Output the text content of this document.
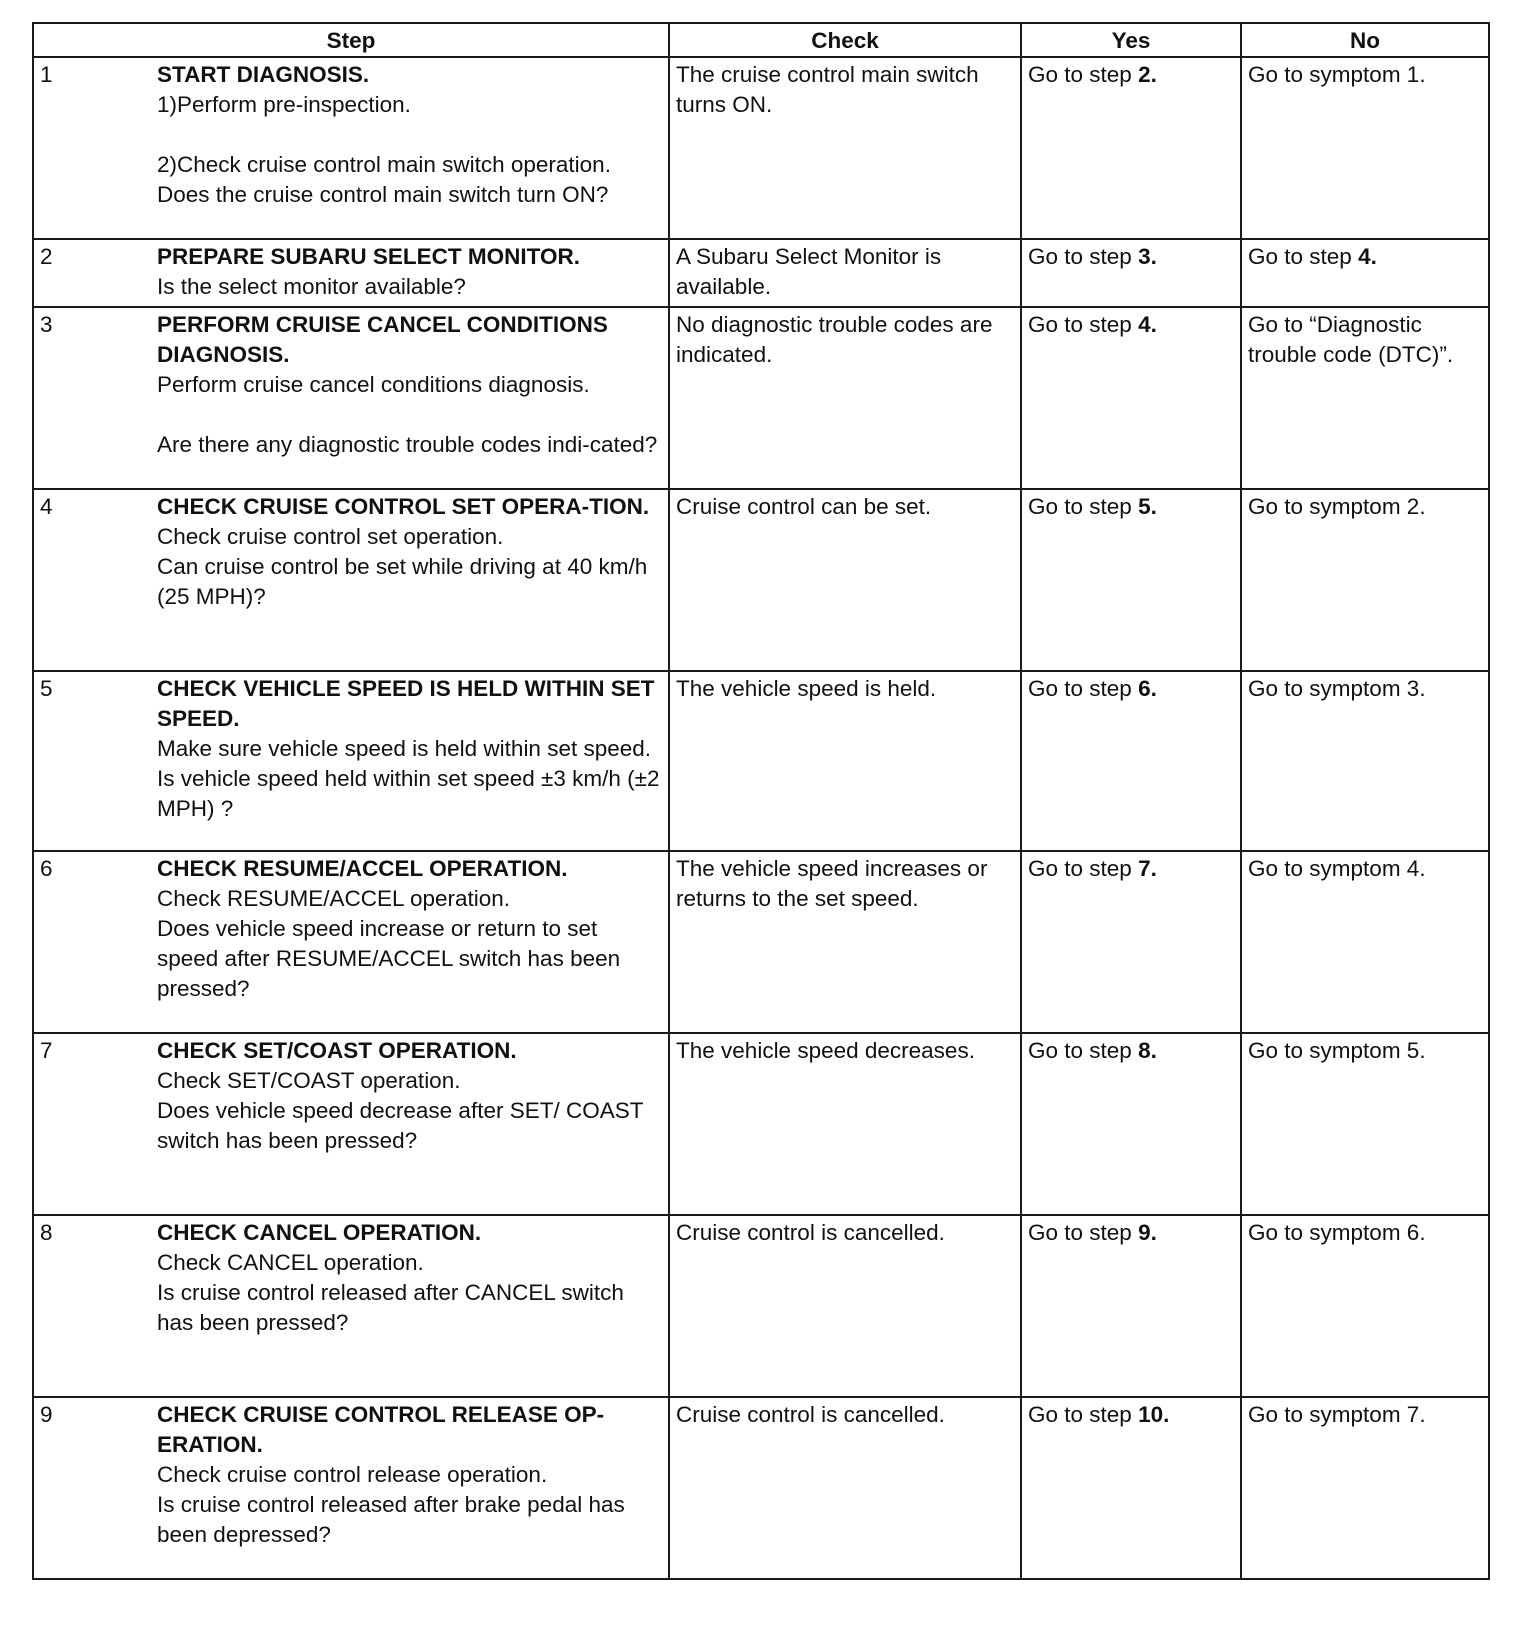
Step		Check	Yes	No
1	START DIAGNOSIS.
1)Perform pre-inspection.
2)Check cruise control main switch operation.
Does the cruise control main switch turn ON?	The cruise control main switch turns ON.	Go to step 2.	Go to symptom 1.
2	PREPARE SUBARU SELECT MONITOR.
Is the select monitor available?	A Subaru Select Monitor is available.	Go to step 3.	Go to step 4.
3	PERFORM CRUISE CANCEL CONDITIONS DIAGNOSIS.
Perform cruise cancel conditions diagnosis.
Are there any diagnostic trouble codes indi-cated?	No diagnostic trouble codes are indicated.	Go to step 4.	Go to “Diagnostic trouble code (DTC)”.
4	CHECK CRUISE CONTROL SET OPERA-TION.
Check cruise control set operation.
Can cruise control be set while driving at 40 km/h (25 MPH)?	Cruise control can be set.	Go to step 5.	Go to symptom 2.
5	CHECK VEHICLE SPEED IS HELD WITHIN SET SPEED.
Make sure vehicle speed is held within set speed.
Is vehicle speed held within set speed ±3 km/h (±2 MPH) ?	The vehicle speed is held.	Go to step 6.	Go to symptom 3.
6	CHECK RESUME/ACCEL OPERATION.
Check RESUME/ACCEL operation.
Does vehicle speed increase or return to set speed after RESUME/ACCEL switch has been pressed?	The vehicle speed increases or returns to the set speed.	Go to step 7.	Go to symptom 4.
7	CHECK SET/COAST OPERATION.
Check SET/COAST operation.
Does vehicle speed decrease after SET/ COAST switch has been pressed?	The vehicle speed decreases.	Go to step 8.	Go to symptom 5.
8	CHECK CANCEL OPERATION.
Check CANCEL operation.
Is cruise control released after CANCEL switch has been pressed?	Cruise control is cancelled.	Go to step 9.	Go to symptom 6.
9	CHECK CRUISE CONTROL RELEASE OP-ERATION.
Check cruise control release operation.
Is cruise control released after brake pedal has been depressed?	Cruise control is cancelled.	Go to step 10.	Go to symptom 7.
